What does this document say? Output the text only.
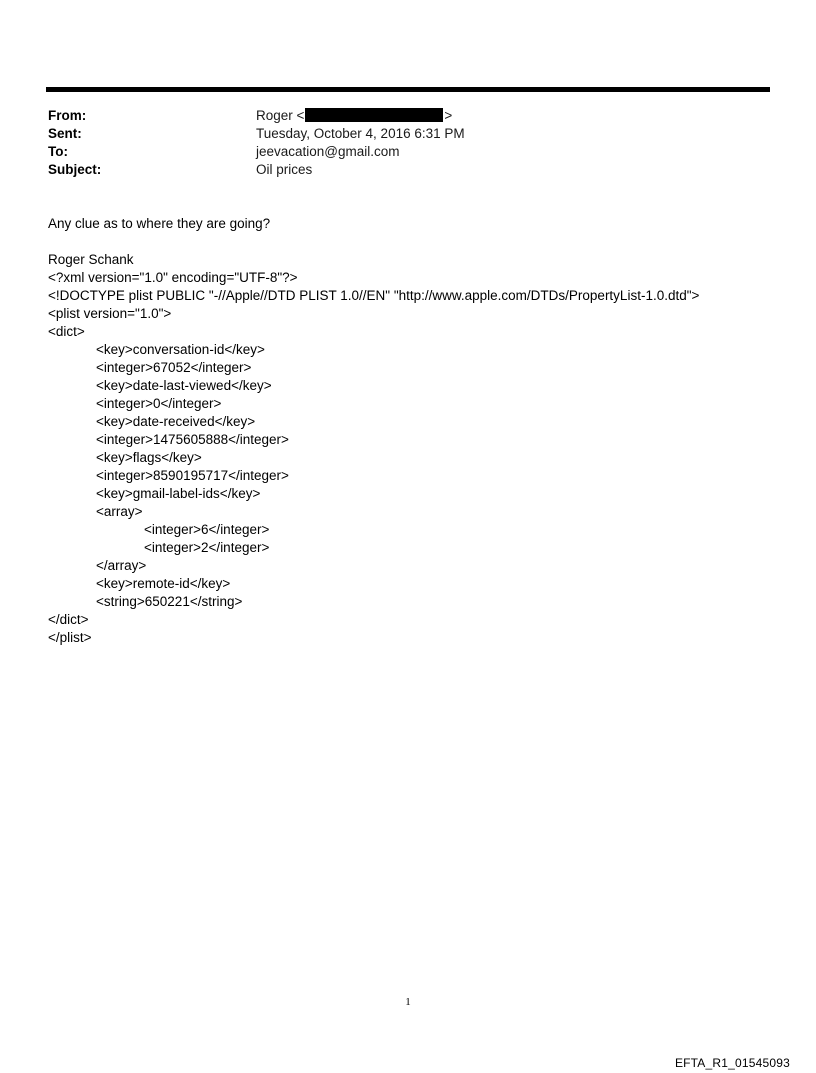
From:	Roger <	>
Sent:	Tuesday, October 4, 2016 6:31 PM
To:	jeevacation@gmail.com
Subject:	Oil prices
Any clue as to where they are going?
Roger Schank
<?xml version="1.0" encoding="UTF-8"?>
<!DOCTYPE plist PUBLIC "-//Apple//DTD PLIST 1.0//EN" "http://www.apple.com/DTDs/PropertyList-1.0.dtd">
<plist version="1.0">
<dict>
<key>conversation-id</key>
<integer>67052</integer>
<key>date-last-viewed</key>
<integer>0</integer>
<key>date-received</key>
<integer>1475605888</integer>
<key>flags</key>
<integer>8590195717</integer>
<key>gmail-label-ids</key>
<array>
<integer>6</integer>
<integer>2</integer>
</array>
<key>remote-id</key>
<string>650221</string>
</dict>
</plist>
1
EFTA_R1_01545093
